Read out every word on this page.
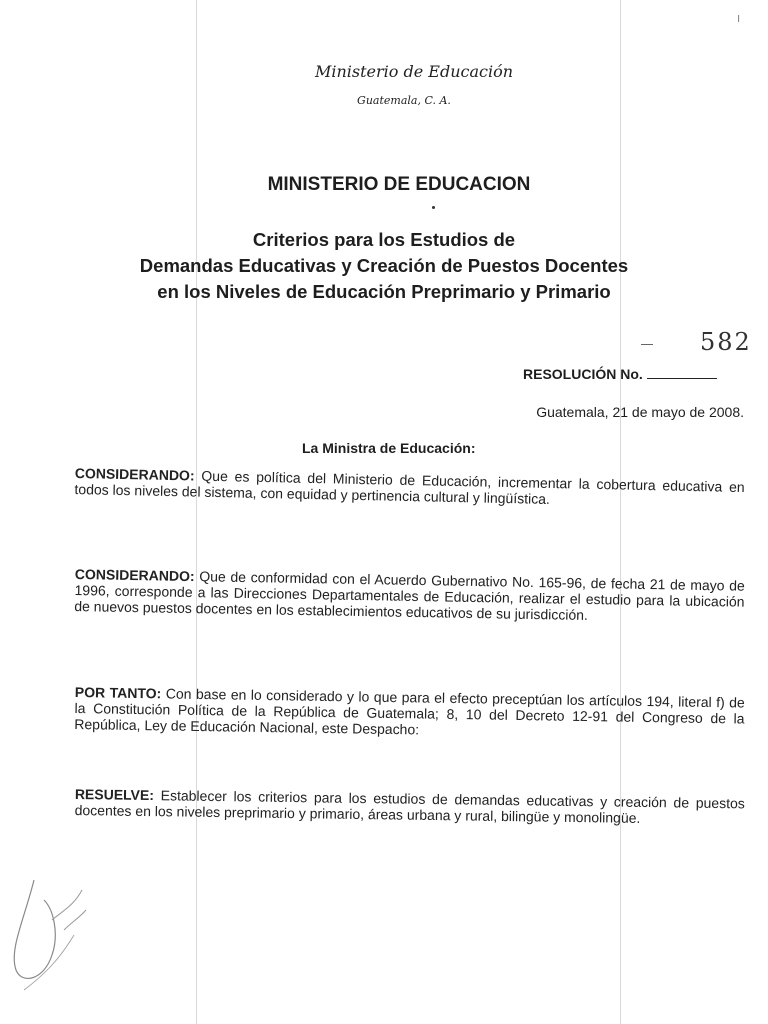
I
Ministerio de Educación
Guatemala, C. A.
MINISTERIO DE EDUCACION
Criterios para los Estudios de
Demandas Educativas y Creación de Puestos Docentes
en los Niveles de Educación Preprimario y Primario
582
RESOLUCIÓN No.
Guatemala, 21 de mayo de 2008.
La Ministra de Educación:
CONSIDERANDO: Que es política del Ministerio de Educación, incrementar la cobertura educativa en todos los niveles del sistema, con equidad y pertinencia cultural y lingüística.
CONSIDERANDO: Que de conformidad con el Acuerdo Gubernativo No. 165-96, de fecha 21 de mayo de 1996, corresponde a las Direcciones Departamentales de Educación, realizar el estudio para la ubicación de nuevos puestos docentes en los establecimientos educativos de su jurisdicción.
POR TANTO: Con base en lo considerado y lo que para el efecto preceptúan los artículos 194, literal f) de la Constitución Política de la República de Guatemala; 8, 10 del Decreto 12-91 del Congreso de la República, Ley de Educación Nacional, este Despacho:
RESUELVE: Establecer los criterios para los estudios de demandas educativas y creación de puestos docentes en los niveles preprimario y primario, áreas urbana y rural, bilingüe y monolingüe.
